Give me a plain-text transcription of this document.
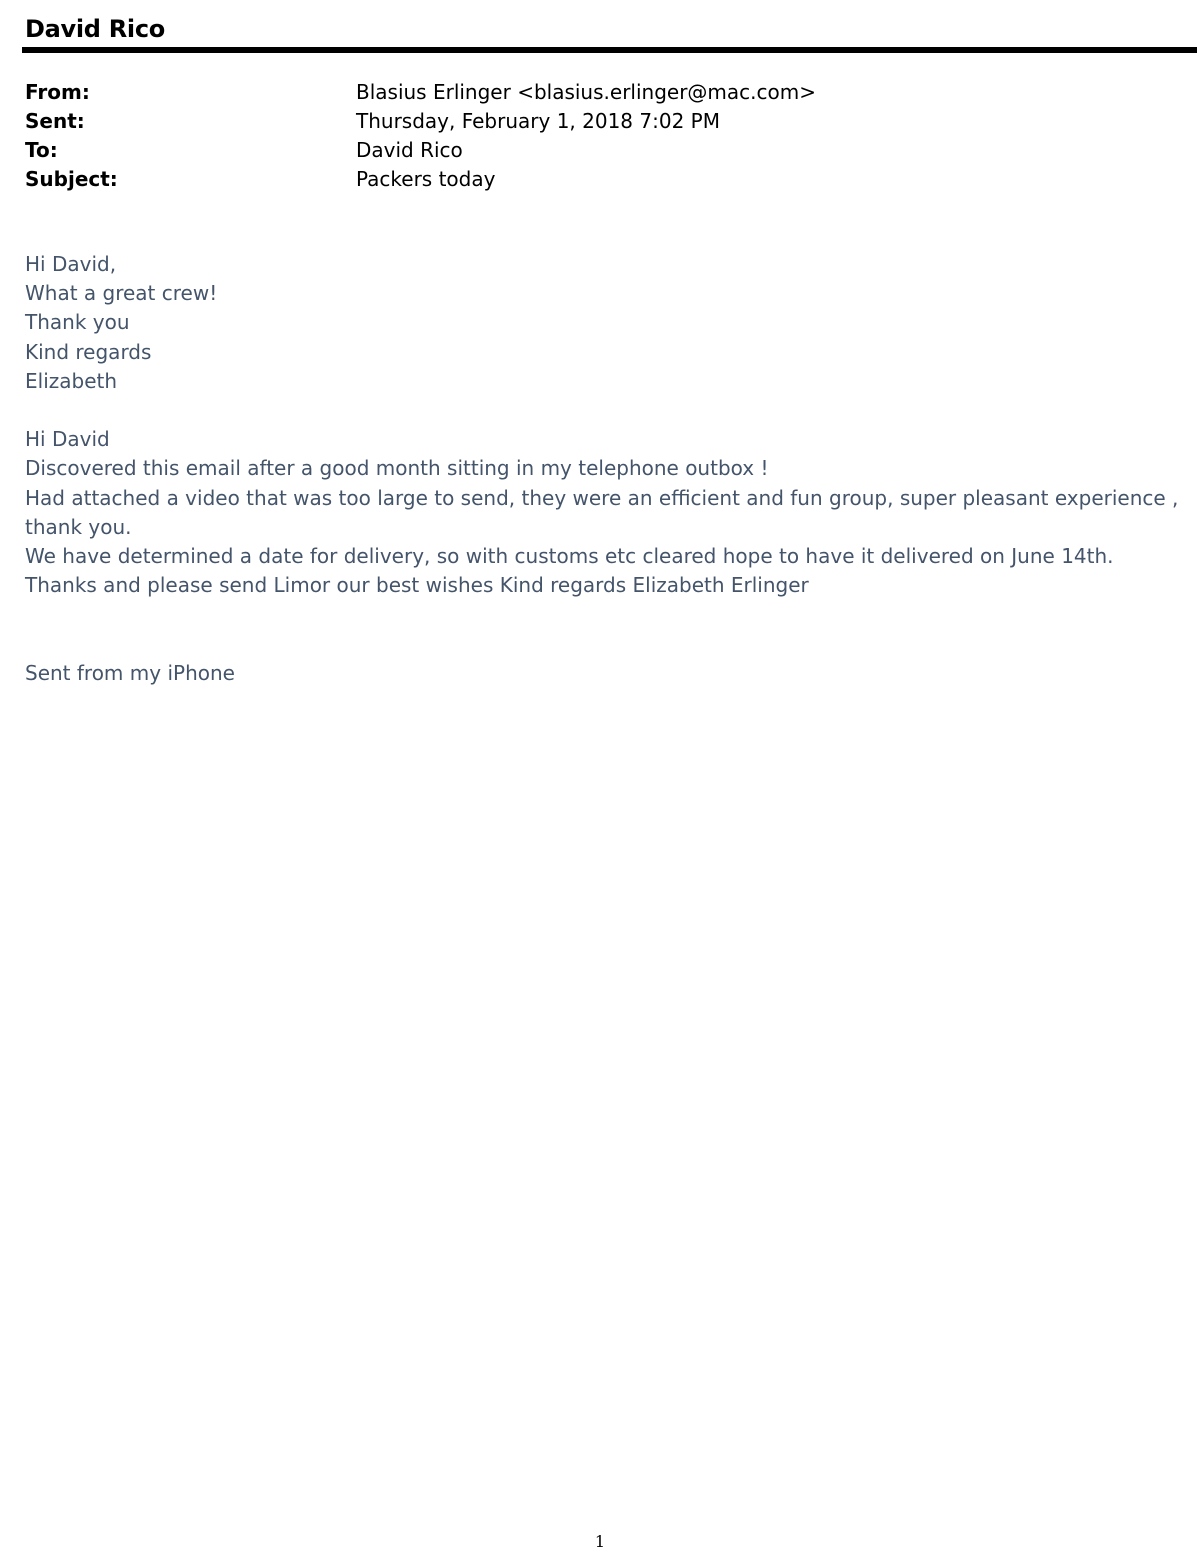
David Rico
From:	Blasius Erlinger <blasius.erlinger@mac.com>
Sent:	Thursday, February 1, 2018 7:02 PM
To:	David Rico
Subject:	Packers today

Hi David,

What a great crew!

Thank you

Kind regards

Elizabeth

Hi David

Discovered this email after a good month sitting in my telephone outbox !

Had attached a video that was too large to send, they were an efficient and fun group, super pleasant experience , thank you.

We have determined a date for delivery, so with customs etc cleared hope to have it delivered on June 14th.

Thanks and please send Limor our best wishes Kind regards Elizabeth Erlinger

Sent from my iPhone

1
